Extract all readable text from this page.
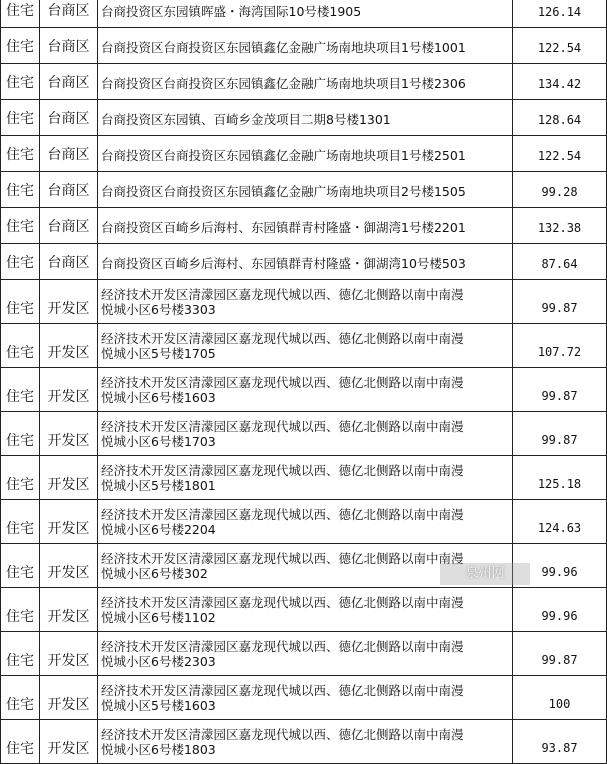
住宅	台商区	台商投资区东园镇晖盛・海湾国际10号楼1905	126.14
住宅	台商区	台商投资区台商投资区东园镇鑫亿金融广场南地块项目1号楼1001	122.54
住宅	台商区	台商投资区台商投资区东园镇鑫亿金融广场南地块项目1号楼2306	134.42
住宅	台商区	台商投资区东园镇、百崎乡金茂项目二期8号楼1301	128.64
住宅	台商区	台商投资区台商投资区东园镇鑫亿金融广场南地块项目1号楼2501	122.54
住宅	台商区	台商投资区台商投资区东园镇鑫亿金融广场南地块项目2号楼1505	99.28
住宅	台商区	台商投资区百崎乡后海村、东园镇群青村隆盛・御湖湾1号楼2201	132.38
住宅	台商区	台商投资区百崎乡后海村、东园镇群青村隆盛・御湖湾10号楼503	87.64
住宅	开发区	经济技术开发区清濛园区嘉龙现代城以西、德亿北侧路以南中南漫
悦城小区6号楼3303	99.87
住宅	开发区	经济技术开发区清濛园区嘉龙现代城以西、德亿北侧路以南中南漫
悦城小区5号楼1705	107.72
住宅	开发区	经济技术开发区清濛园区嘉龙现代城以西、德亿北侧路以南中南漫
悦城小区6号楼1603	99.87
住宅	开发区	经济技术开发区清濛园区嘉龙现代城以西、德亿北侧路以南中南漫
悦城小区6号楼1703	99.87
住宅	开发区	经济技术开发区清濛园区嘉龙现代城以西、德亿北侧路以南中南漫
悦城小区5号楼1801	125.18
住宅	开发区	经济技术开发区清濛园区嘉龙现代城以西、德亿北侧路以南中南漫
悦城小区6号楼2204	124.63
住宅	开发区	经济技术开发区清濛园区嘉龙现代城以西、德亿北侧路以南中南漫
悦城小区6号楼302	99.96
住宅	开发区	经济技术开发区清濛园区嘉龙现代城以西、德亿北侧路以南中南漫
悦城小区6号楼1102	99.96
住宅	开发区	经济技术开发区清濛园区嘉龙现代城以西、德亿北侧路以南中南漫
悦城小区6号楼2303	99.87
住宅	开发区	经济技术开发区清濛园区嘉龙现代城以西、德亿北侧路以南中南漫
悦城小区5号楼1603	100
住宅	开发区	经济技术开发区清濛园区嘉龙现代城以西、德亿北侧路以南中南漫
悦城小区6号楼1803	93.87
泉州网
